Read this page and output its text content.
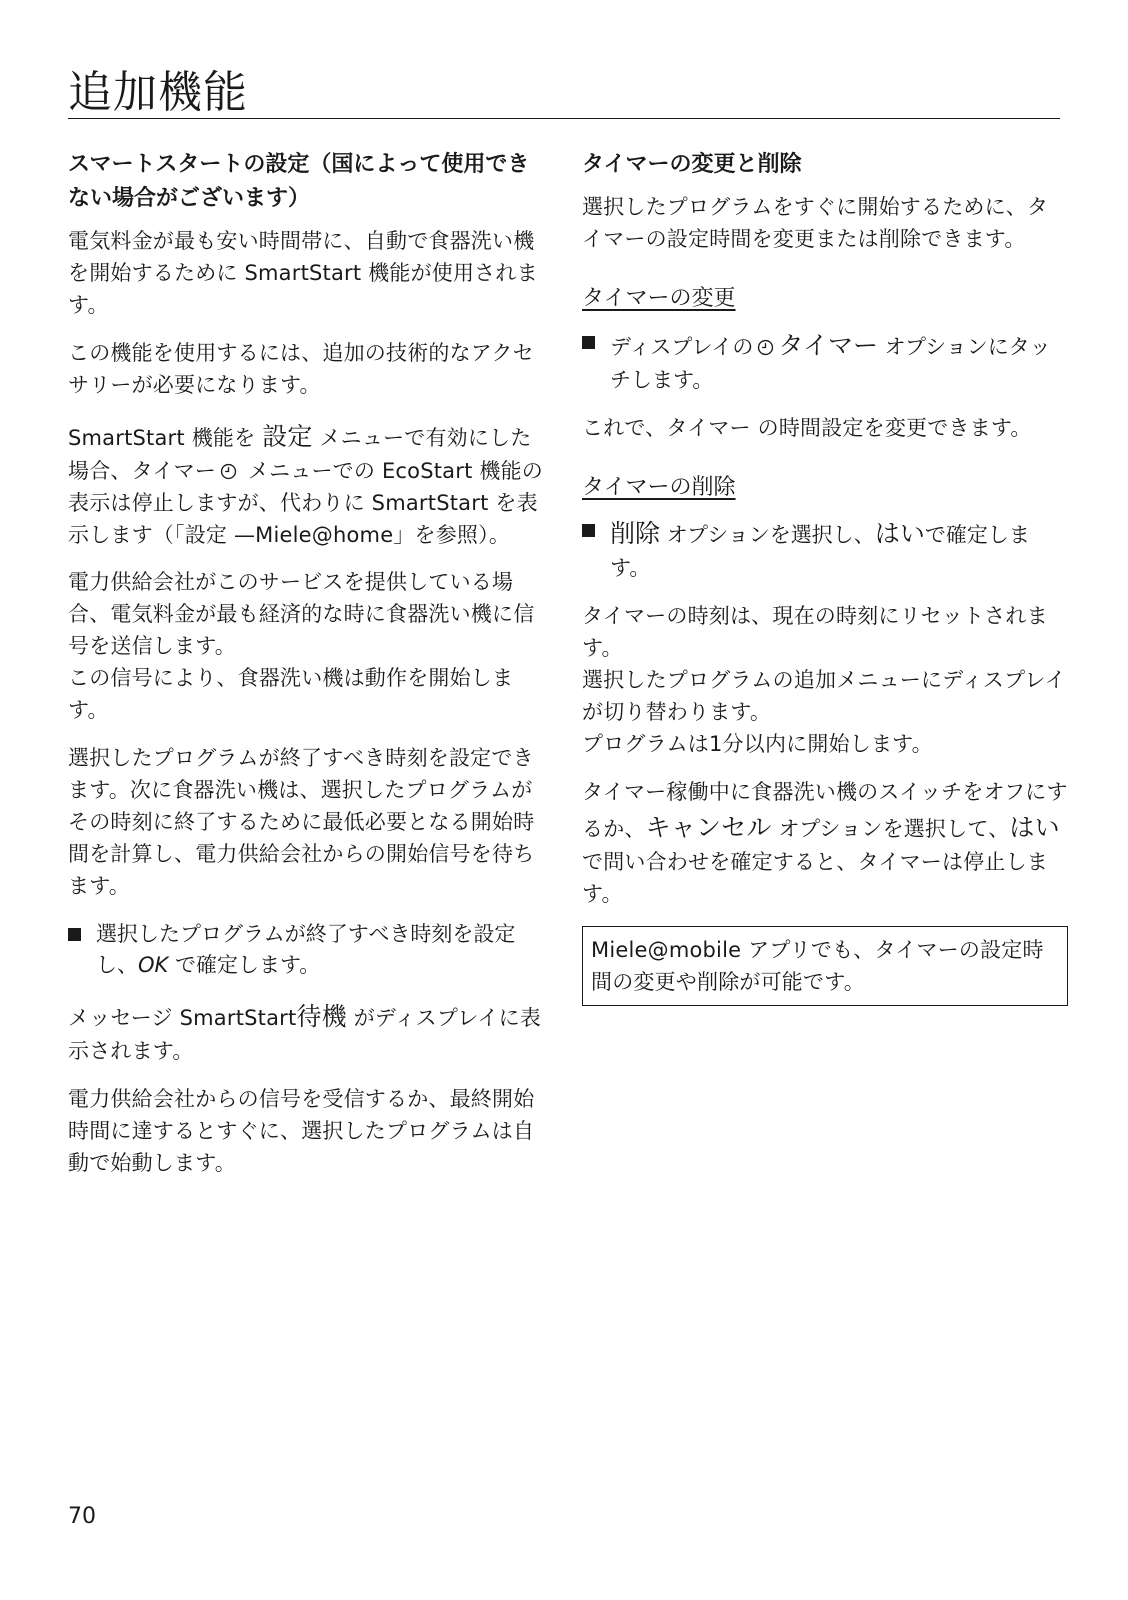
追加機能
スマートスタートの設定（国によって使用できない場合がございます）

電気料金が最も安い時間帯に、自動で食器洗い機を開始するために SmartStart 機能が使用されます。

この機能を使用するには、追加の技術的なアクセサリーが必要になります。

SmartStart 機能を 設定 メニューで有効にした場合、タイマー メニューでの EcoStart 機能の表示は停止しますが、代わりに SmartStart を表示します（「設定 —Miele@home」を参照）。

電力供給会社がこのサービスを提供している場合、電気料金が最も経済的な時に食器洗い機に信号を送信します。

この信号により、食器洗い機は動作を開始します。

選択したプログラムが終了すべき時刻を設定できます。次に食器洗い機は、選択したプログラムがその時刻に終了するために最低必要となる開始時間を計算し、電力供給会社からの開始信号を待ちます。

選択したプログラムが終了すべき時刻を設定し、OK で確定します。

メッセージ SmartStart待機 がディスプレイに表示されます。

電力供給会社からの信号を受信するか、最終開始時間に達するとすぐに、選択したプログラムは自動で始動します。

タイマーの変更と削除

選択したプログラムをすぐに開始するために、タイマーの設定時間を変更または削除できます。

タイマーの変更
ディスプレイの タイマー オプションにタッチします。

これで、タイマー の時間設定を変更できます。

タイマーの削除
削除 オプションを選択し、はいで確定します。

タイマーの時刻は、現在の時刻にリセットされます。

選択したプログラムの追加メニューにディスプレイが切り替わります。

プログラムは1分以内に開始します。

タイマー稼働中に食器洗い機のスイッチをオフにするか、キャンセル オプションを選択して、はいで問い合わせを確定すると、タイマーは停止します。

Miele@mobile アプリでも、タイマーの設定時間の変更や削除が可能です。

70
